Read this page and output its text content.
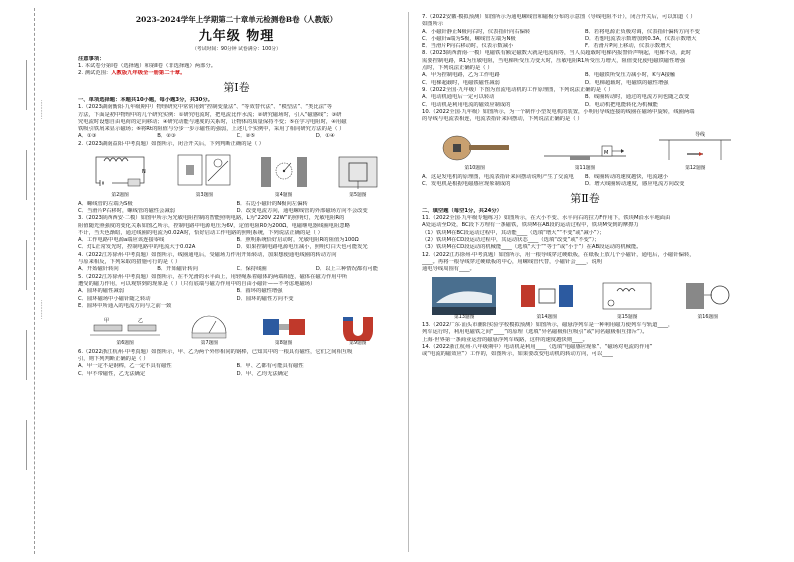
············
············
2023-2024学年上学期第二十章单元检测卷B卷（人教版）
九年级 物理
（考试时间：90分钟 试卷满分：100分）
注意事项：
1. 本试卷分第Ⅰ卷（选择题）和第Ⅱ卷（非选择题）两部分。
2. 测试范围：人教版九年级全一册第二十章。
第Ⅰ卷
一、单项选择题：本题共10小题，每小题3分，共30分。
1.（2023湖南衡阳·九年级期中）物理研究中常常用到“控制变量法”、“等效替代法”、“模型法”、“类比法”等
方法，下面是初中物理中的几个研究实例：①研究电流时，把电流比作水流；②研究磁场时，引入“磁感线”；③研
究电流时设想自由电荷的定向移动；④研究动能与速度的关系时，让物体的质量保持不变；⑤在学习电阻时，④用磁
铁吸引铁屑来显示磁场；⑥将Rt的阻值与分步一步示磁性的强弱，上述几个实例中，采用了相同研究方法的是（ ）
A．①③	B．②③	C．②⑤	D．①④
2.（2023湖南益阳·中考真题）如图所示，闭合开关后，下列判断正确的是（ ）
N
第2题图	第3题图	第4题图	第5题图
A．螺线管的左端为S极	B．右边小磁针的N极向左偏转
C．当滑片P右移时，螺线管的磁性会减弱	D．改变电流方向，通电螺线管的外部磁场方向不会改变
3.（2023陕西西安·二模）如图甲所示为光敏电阻控制的智能照明电路，L为“220V 22W”的照明灯，光敏电阻R的
阻值随光照强度的变化关系如图乙所示，控制电路中电源电压为6V，定值电阻R0为200Ω，电磁继电器线圈电阻忽略
不计，当天色渐暗，通过线圈的电流为0.02A时，恰好启动工作电路的照明系统，下列说法正确的是（ ）
A．工作电路中电源a端应该连接零线	B．照明系统恰好启动时，光敏电阻R的阻值为100Ω
C．灯L正常发光时，控制电路中的电流大于0.02A	D．如果控制电路电源电压减小，照明灯白天也可能发光
4.（2022江苏徐州·中考真题）如图所示，线圈通电后，受磁场力作用开始转动，加果想使通电线圈的转动方向
与原来相反，下列采取的措施可行的是（ ）
A．开始磁针转向	B．开始磁针转向	C．保持线圈	D．以上三种情况都有可能
5.（2022江苏徐州·中考真题）如图所示，在不光滑的水平面上，用轻绳系着磁体的两端相连，磁体在磁力作用中所
遭受的磁力作用，可以观察到的现象是（ ）（只有底端与磁力作用中的自由小磁针——不考虑地磁场）
A．圆环的磁性减弱	B．圆环的磁性增强
C．圆环磁场中小磁针随之转动	D．圆环的磁性方向不变
E．圆环中所通入的电流方向与之前一致
甲	乙
第6题图	第7题图	第8题图	第9题图
6.（2022浙江杭州·中考真题）如图所示，甲、乙为两个外形相同的钢棒，已知其中的一根具有磁性，它们之间相互吸
引，则下列判断正确的是（ ）
A．甲一定不是钢棒，乙一定不具有磁性	B．甲、乙都有可能具有磁性
C．甲不带磁性，乙无法确定	D．甲、乙均无法确定
7.（2022安徽·模拟预测）如图所示为通电螺线管和磁极分布的示意图（导线电阻不计），闭合开关后，可以知道（ ）
如图所示
A．小磁针静止N极向右时，仪表指针向右偏转	B．若将电源正负极对调，仪表指针偏转方向不变
C．小磁针a端为S极，螺线管左端为N极	D．若想电流表示数增加到0.3A，仪表示数增大
E．当滑片P向右移动时，仪表示数减小	F．若滑片P向上移动，仪表示数增大
8.（2023陕西渭南·一模）电磁铁有额定磁数大就是电流相等，当人员超载时电梯内报警铃声响起，电梯不动，此时
需要控制电路，R1为压敏电阻，当电梯所受压力变大时，压敏电阻R1所受压力增大，阻值变化使电磁铁磁性增强
点时，下列说法正确的是（ ）
A．甲为控制电路，乙为工作电路	B．电磁铁所受压力减小时，K与A接触
C．电梯超载时，电磁铁磁性减弱	D．电梯超载时，电磁铁的磁性增强
9.（2022全国·九年级）下图为直流电动机的工作原理图，下列说法正确的是（ ）
A．电动机通电后一定可以转动	B．线圈转动时，通过的电流方向也随之改变
C．电动机是利用电流的磁效应制成的	D．电动机把电能转化为机械能
10.（2022全国·九年级）如图所示，为一个制作小型发电机的装置，小明用导线连接的线圈在磁场中旋转，线圈两端
的导线与电流表相连，电流表指针来回摆动，下列说法正确的是（ ）
第10题图
M
第11题图
导线
第12题图
A．这是发电机的原理图，电流表指针来回摆动说明产生了交流电	B．线圈转动的速度越快，电流越小
C．发电机是根据电磁感应现象制成的	D．增大线圈转动速度，感应电流方向改变
第Ⅱ卷
二、填空题（每空1分，共24分）
11.（2022全国·九年级专题练习）如图所示，在大小不变、水平向右的拉力F作用下，铁块M沿水平地面由
A处运动至D处，BC段下方埋有一条磁铁，铁块M在AB段的运动过程中，铁块M受到的摩擦力
（1）铁块M在BC段运动过程中，其动能____（选填“增大”“不变”或“减小”）；
（2）铁块M在CD段运动过程中，其运动状态____（选填“改变”或“不变”）；
（3）铁块M在CD段运动的机械能____（选填“大于”“等于”或“小于”）在AB段运动的机械能。
12.（2022江苏徐州·中考真题）如图所示，用一根导线穿过硬纸板，在纸板上放几个小磁针，通电后，小磁针偏转，
____。再将一根导线穿过硬纸板的中心，用螺线管代替，小磁针会____，说明
通电导线周围有____。
第13题图	第14题图	第15题图	第16题图
13.（2022广东·汕头市潮阳实验学校模拟预测）如图所示，磁悬浮列车是一种利用磁力使列车与轨道____，
列车运行时，利用电磁铁之间“____”的原理（选填“异名磁极相互吸引”或“同名磁极相互排斥”）。
上海·世界第一条商业运营的磁悬浮列车线路，这样的速度越快则____。
14.（2022浙江杭州·八年级期中）电动机是利用____（选填“电磁感应现象”、“磁场对电流的作用”
或“电流的磁效应”）工作的，如图所示，如果要改变电动机的转动方向，可以____
